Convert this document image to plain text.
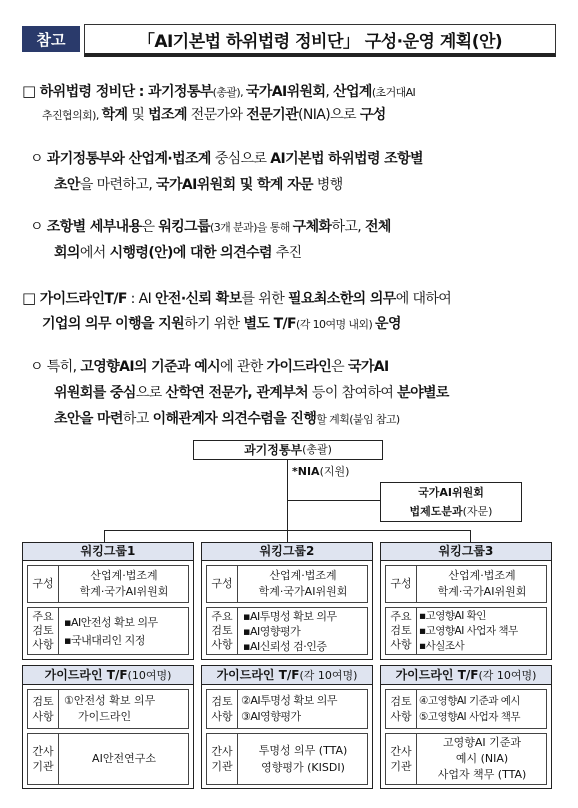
참고	「AI기본법 하위법령 정비단」 구성·운영 계획(안)
□ 하위법령 정비단 : 과기정통부(총괄), 국가AI위원회, 산업계(초거대AI
추진협의회), 학계 및 법조계 전문가와 전문기관(NIA)으로 구성
ㅇ 과기정통부와 산업계·법조계 중심으로 AI기본법 하위법령 조항별
초안을 마련하고, 국가AI위원회 및 학계 자문 병행
ㅇ 조항별 세부내용은 워킹그룹(3개 분과)을 통해 구체화하고, 전체
회의에서 시행령(안)에 대한 의견수렴 추진
□ 가이드라인T/F : AI 안전·신뢰 확보를 위한 필요최소한의 의무에 대하여
기업의 의무 이행을 지원하기 위한 별도 T/F(각 10여명 내외) 운영
ㅇ 특히, 고영향AI의 기준과 예시에 관한 가이드라인은 국가AI
위원회를 중심으로 산학연 전문가, 관계부처 등이 참여하여 분야별로
초안을 마련하고 이해관계자 의견수렴을 진행할 계획(붙임 참고)
과기정통부 (총괄)
*NIA (지원)
국가AI위원회
법제도분과 (자문)
워킹그룹1
구성
산업계·법조계
학계·국가AI위원회
주요
검토
사항
▪AI안전성 확보 의무
▪국내대리인 지정
워킹그룹2
구성
산업계·법조계
학계·국가AI위원회
주요
검토
사항
▪AI투명성 확보 의무
▪AI영향평가
▪AI신뢰성 검·인증
워킹그룹3
구성
산업계·법조계
학계·국가AI위원회
주요
검토
사항
▪고영향AI 확인
▪고영향AI 사업자 책무
▪사실조사
가이드라인 T/F(10여명)
검토
사항
①안전성 확보 의무
가이드라인
간사
기관
AI안전연구소
가이드라인 T/F(각 10여명)
검토
사항
②AI투명성 확보 의무
③AI영향평가
간사
기관
투명성 의무 (TTA)
영향평가 (KISDI)
가이드라인 T/F(각 10여명)
검토
사항
④고영향AI 기준과 예시
⑤고영향AI 사업자 책무
간사
기관
고영향AI 기준과
예시 (NIA)
사업자 책무 (TTA)
